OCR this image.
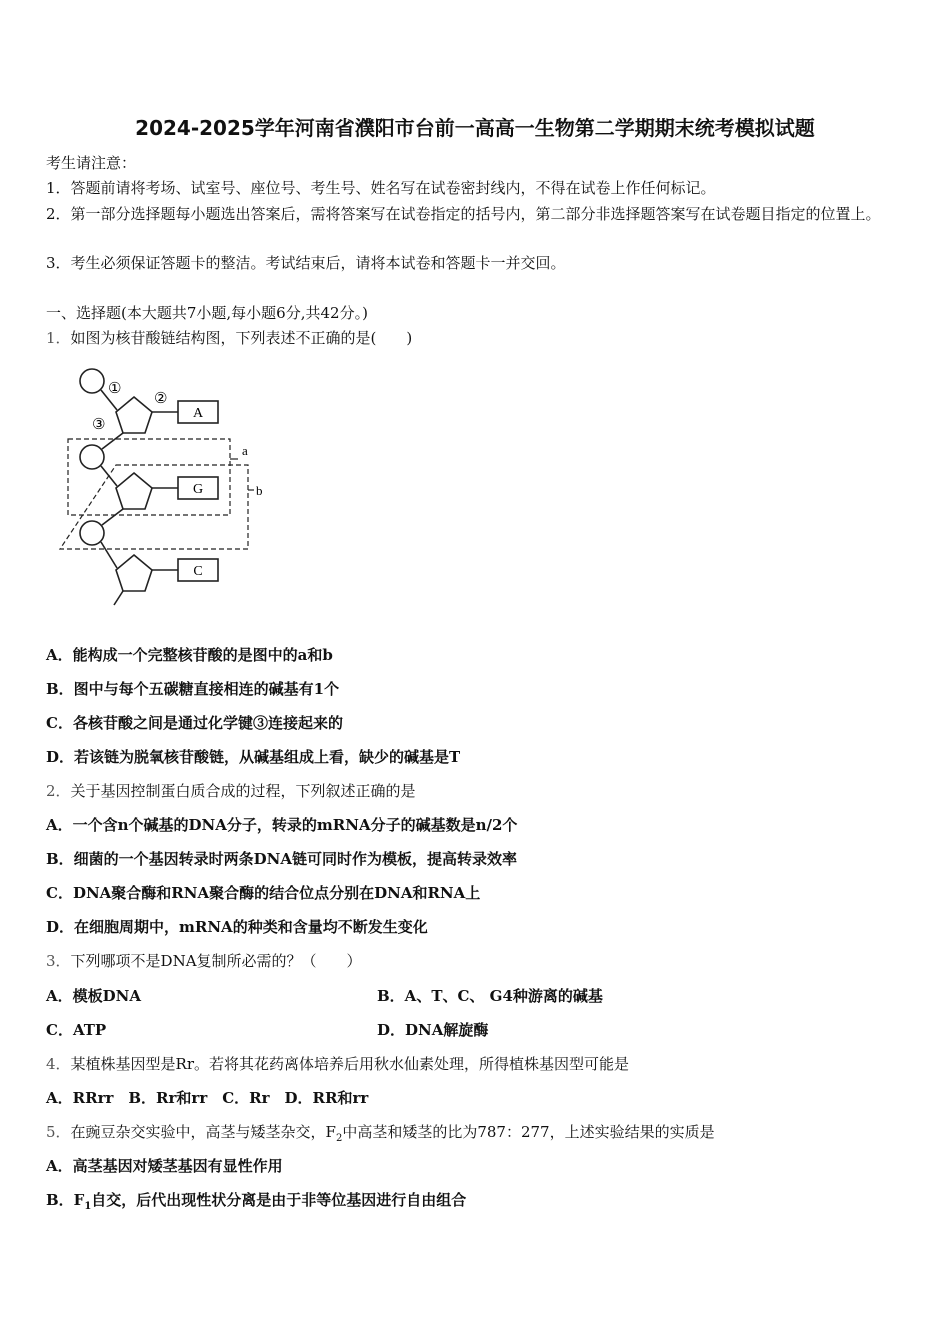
2024-2025学年河南省濮阳市台前一高高一生物第二学期期末统考模拟试题
考生请注意：
1．答题前请将考场、试室号、座位号、考生号、姓名写在试卷密封线内，不得在试卷上作任何标记。
2．第一部分选择题每小题选出答案后，需将答案写在试卷指定的括号内，第二部分非选择题答案写在试卷题目指定的位置上。
3．考生必须保证答题卡的整洁。考试结束后，请将本试卷和答题卡一并交回。
一、选择题(本大题共7小题,每小题6分,共42分。)
1．如图为核苷酸链结构图，下列表述不正确的是(　　)
A
G
C
①
②
③
a
b
A．能构成一个完整核苷酸的是图中的a和b
B．图中与每个五碳糖直接相连的碱基有1个
C．各核苷酸之间是通过化学键③连接起来的
D．若该链为脱氧核苷酸链，从碱基组成上看，缺少的碱基是T
2．关于基因控制蛋白质合成的过程，下列叙述正确的是
A．一个含n个碱基的DNA分子，转录的mRNA分子的碱基数是n/2个
B．细菌的一个基因转录时两条DNA链可同时作为模板，提高转录效率
C．DNA聚合酶和RNA聚合酶的结合位点分别在DNA和RNA上
D．在细胞周期中，mRNA的种类和含量均不断发生变化
3．下列哪项不是DNA复制所必需的？（　　）
A．模板DNA	B．A、T、C、 G4种游离的碱基
C．ATP	D．DNA解旋酶
4．某植株基因型是Rr。若将其花药离体培养后用秋水仙素处理，所得植株基因型可能是
A．RRrr　B．Rr和rr　C．Rr　D．RR和rr
5．在豌豆杂交实验中，高茎与矮茎杂交，$F_2$中高茎和矮茎的比为787：277，上述实验结果的实质是
A．高茎基因对矮茎基因有显性作用
B．$F_1$自交，后代出现性状分离是由于非等位基因进行自由组合
